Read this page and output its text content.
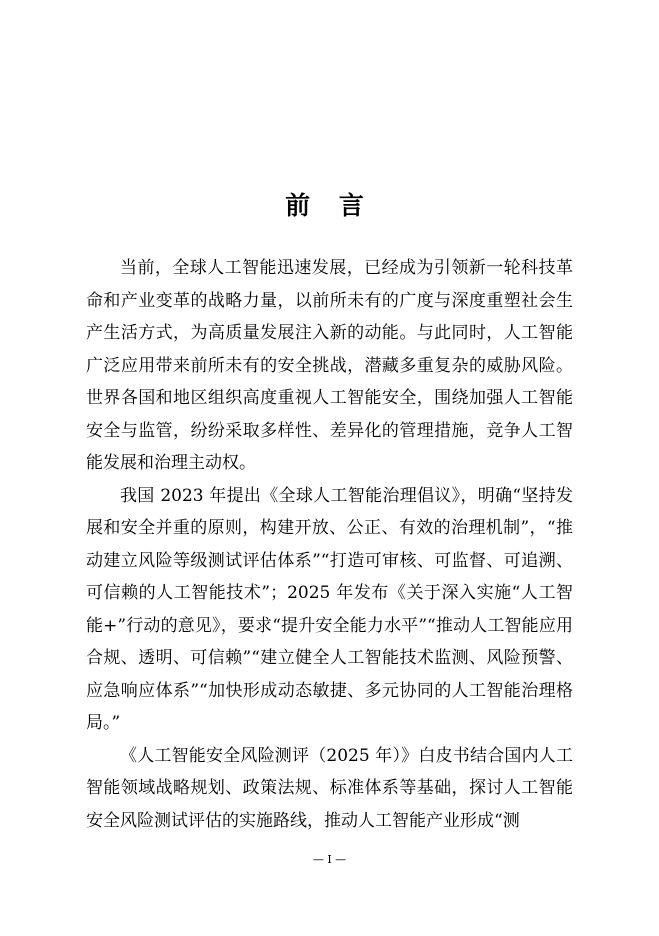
前 言

当前，全球人工智能迅速发展，已经成为引领新一轮科技革命和产业变革的战略力量，以前所未有的广度与深度重塑社会生产生活方式，为高质量发展注入新的动能。与此同时，人工智能广泛应用带来前所未有的安全挑战，潜藏多重复杂的威胁风险。世界各国和地区组织高度重视人工智能安全，围绕加强人工智能安全与监管，纷纷采取多样性、差异化的管理措施，竞争人工智能发展和治理主动权。

我国 2023 年提出《全球人工智能治理倡议》，明确“坚持发展和安全并重的原则，构建开放、公正、有效的治理机制”，“推动建立风险等级测试评估体系”“打造可审核、可监督、可追溯、可信赖的人工智能技术”；2025 年发布《关于深入实施“人工智能+”行动的意见》，要求“提升安全能力水平”“推动人工智能应用合规、透明、可信赖”“建立健全人工智能技术监测、风险预警、应急响应体系”“加快形成动态敏捷、多元协同的人工智能治理格局。”

《人工智能安全风险测评（2025 年）》白皮书结合国内人工智能领域战略规划、政策法规、标准体系等基础，探讨人工智能安全风险测试评估的实施路线，推动人工智能产业形成“测

— I —
